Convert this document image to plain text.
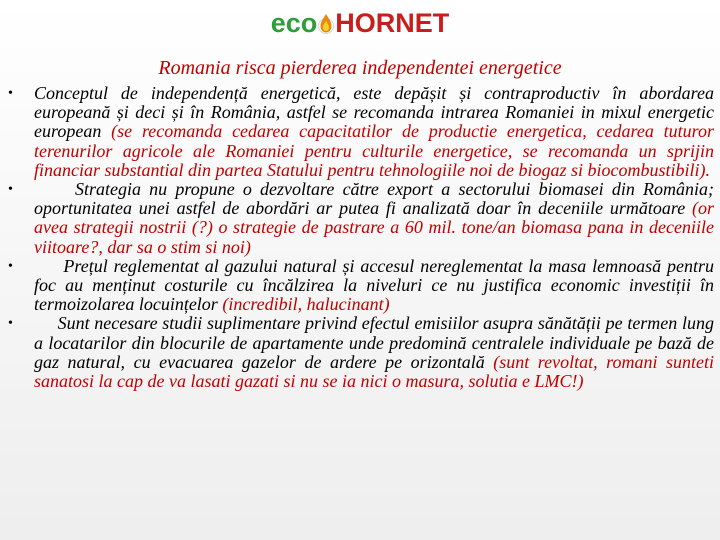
eco HORNET
Romania risca pierderea independentei energetice
• Conceptul de independență energetică, este depășit și contraproductiv în abordarea europeană și deci și în România, astfel se recomanda intrarea Romaniei in mixul energetic european (se recomanda cedarea capacitatilor de productie energetica, cedarea tuturor terenurilor agricole ale Romaniei pentru culturile energetice, se recomanda un sprijin financiar substantial din partea Statului pentru tehnologiile noi de biogaz si biocombustibili).
• Strategia nu propune o dezvoltare către export a sectorului biomasei din România; oportunitatea unei astfel de abordări ar putea fi analizată doar în deceniile următoare (or avea strategii nostrii (?) o strategie de pastrare a 60 mil. tone/an biomasa pana in deceniile viitoare?, dar sa o stim si noi)
• Prețul reglementat al gazului natural și accesul nereglementat la masa lemnoasă pentru foc au menținut costurile cu încălzirea la niveluri ce nu justifica economic investiții în termoizolarea locuințelor (incredibil, halucinant)
• Sunt necesare studii suplimentare privind efectul emisiilor asupra sănătății pe termen lung a locatarilor din blocurile de apartamente unde predomină centralele individuale pe bază de gaz natural, cu evacuarea gazelor de ardere pe orizontală (sunt revoltat, romani sunteti sanatosi la cap de va lasati gazati si nu se ia nici o masura, solutia e LMC!)
